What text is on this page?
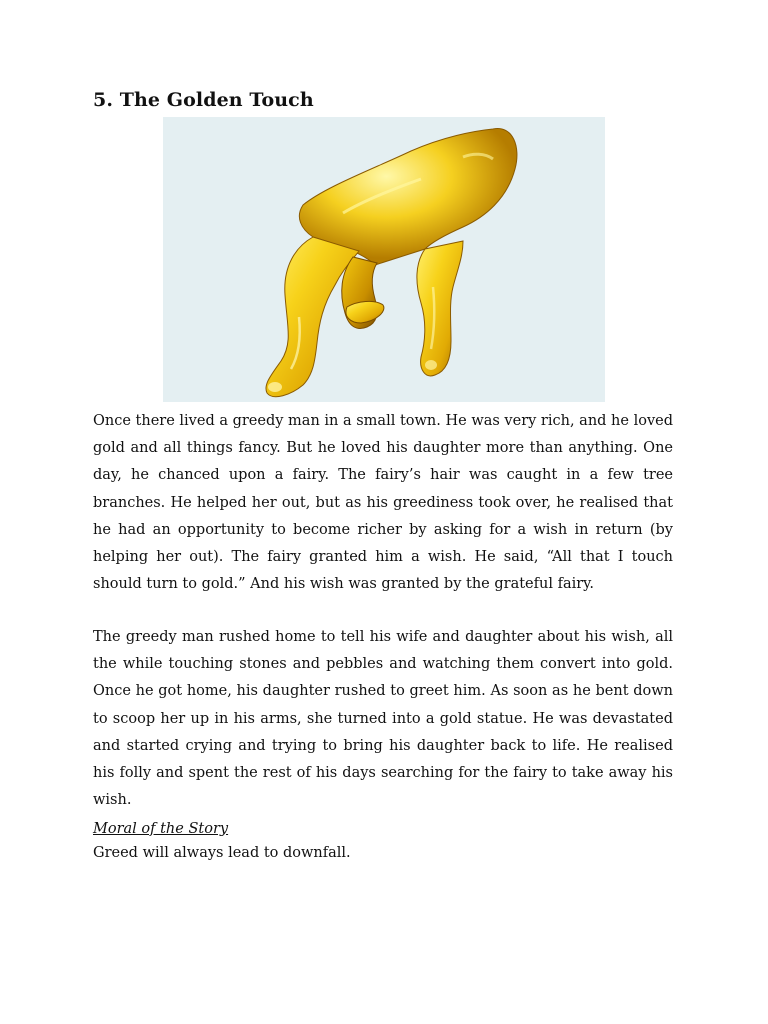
5. The Golden Touch

Once there lived a greedy man in a small town. He was very rich, and he loved gold and all things fancy. But he loved his daughter more than anything. One day, he chanced upon a fairy. The fairy’s hair was caught in a few tree branches. He helped her out, but as his greediness took over, he realised that he had an opportunity to become richer by asking for a wish in return (by helping her out). The fairy granted him a wish. He said, “All that I touch should turn to gold.” And his wish was granted by the grateful fairy.

The greedy man rushed home to tell his wife and daughter about his wish, all the while touching stones and pebbles and watching them convert into gold. Once he got home, his daughter rushed to greet him. As soon as he bent down to scoop her up in his arms, she turned into a gold statue. He was devastated and started crying and trying to bring his daughter back to life. He realised his folly and spent the rest of his days searching for the fairy to take away his wish.

Moral of the Story

Greed will always lead to downfall.
